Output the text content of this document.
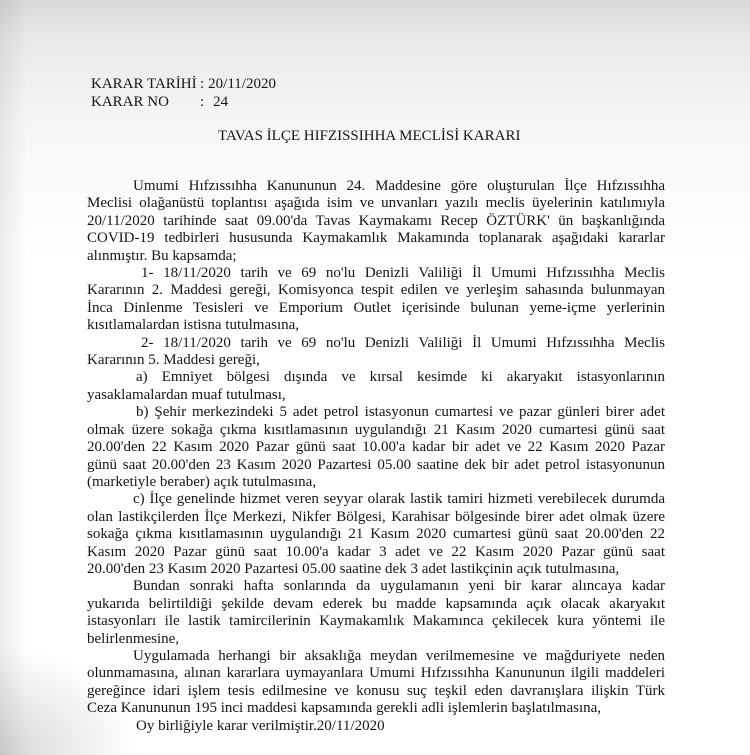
KARAR TARİHİ : 20/11/2020
KARAR NO : 24
TAVAS İLÇE HIFZISSIHHA MECLİSİ KARARI
Umumi Hıfzıssıhha Kanununun 24. Maddesine göre oluşturulan İlçe Hıfzıssıhha
Meclisi olağanüstü toplantısı aşağıda isim ve unvanları yazılı meclis üyelerinin katılımıyla
20/11/2020 tarihinde saat 09.00'da Tavas Kaymakamı Recep ÖZTÜRK' ün başkanlığında
COVID-19 tedbirleri hususunda Kaymakamlık Makamında toplanarak aşağıdaki kararlar
alınmıştır. Bu kapsamda;
1- 18/11/2020 tarih ve 69 no'lu Denizli Valiliği İl Umumi Hıfzıssıhha Meclis
Kararının 2. Maddesi gereği, Komisyonca tespit edilen ve yerleşim sahasında bulunmayan
İnca Dinlenme Tesisleri ve Emporium Outlet içerisinde bulunan yeme-içme yerlerinin
kısıtlamalardan istisna tutulmasına,
2- 18/11/2020 tarih ve 69 no'lu Denizli Valiliği İl Umumi Hıfzıssıhha Meclis
Kararının 5. Maddesi gereği,
a) Emniyet bölgesi dışında ve kırsal kesimde ki akaryakıt istasyonlarının
yasaklamalardan muaf tutulması,
b) Şehir merkezindeki 5 adet petrol istasyonun cumartesi ve pazar günleri birer adet
olmak üzere sokağa çıkma kısıtlamasının uygulandığı 21 Kasım 2020 cumartesi günü saat
20.00'den 22 Kasım 2020 Pazar günü saat 10.00'a kadar bir adet ve 22 Kasım 2020 Pazar
günü saat 20.00'den 23 Kasım 2020 Pazartesi 05.00 saatine dek bir adet petrol istasyonunun
(marketiyle beraber) açık tutulmasına,
c) İlçe genelinde hizmet veren seyyar olarak lastik tamiri hizmeti verebilecek durumda
olan lastikçilerden İlçe Merkezi, Nikfer Bölgesi, Karahisar bölgesinde birer adet olmak üzere
sokağa çıkma kısıtlamasının uygulandığı 21 Kasım 2020 cumartesi günü saat 20.00'den 22
Kasım 2020 Pazar günü saat 10.00'a kadar 3 adet ve 22 Kasım 2020 Pazar günü saat
20.00'den 23 Kasım 2020 Pazartesi 05.00 saatine dek 3 adet lastikçinin açık tutulmasına,
Bundan sonraki hafta sonlarında da uygulamanın yeni bir karar alıncaya kadar
yukarıda belirtildiği şekilde devam ederek bu madde kapsamında açık olacak akaryakıt
istasyonları ile lastik tamircilerinin Kaymakamlık Makamınca çekilecek kura yöntemi ile
belirlenmesine,
Uygulamada herhangi bir aksaklığa meydan verilmemesine ve mağduriyete neden
olunmamasına, alınan kararlara uymayanlara Umumi Hıfzıssıhha Kanununun ilgili maddeleri
gereğince idari işlem tesis edilmesine ve konusu suç teşkil eden davranışlara ilişkin Türk
Ceza Kanununun 195 inci maddesi kapsamında gerekli adli işlemlerin başlatılmasına,
Oy birliğiyle karar verilmiştir.20/11/2020
